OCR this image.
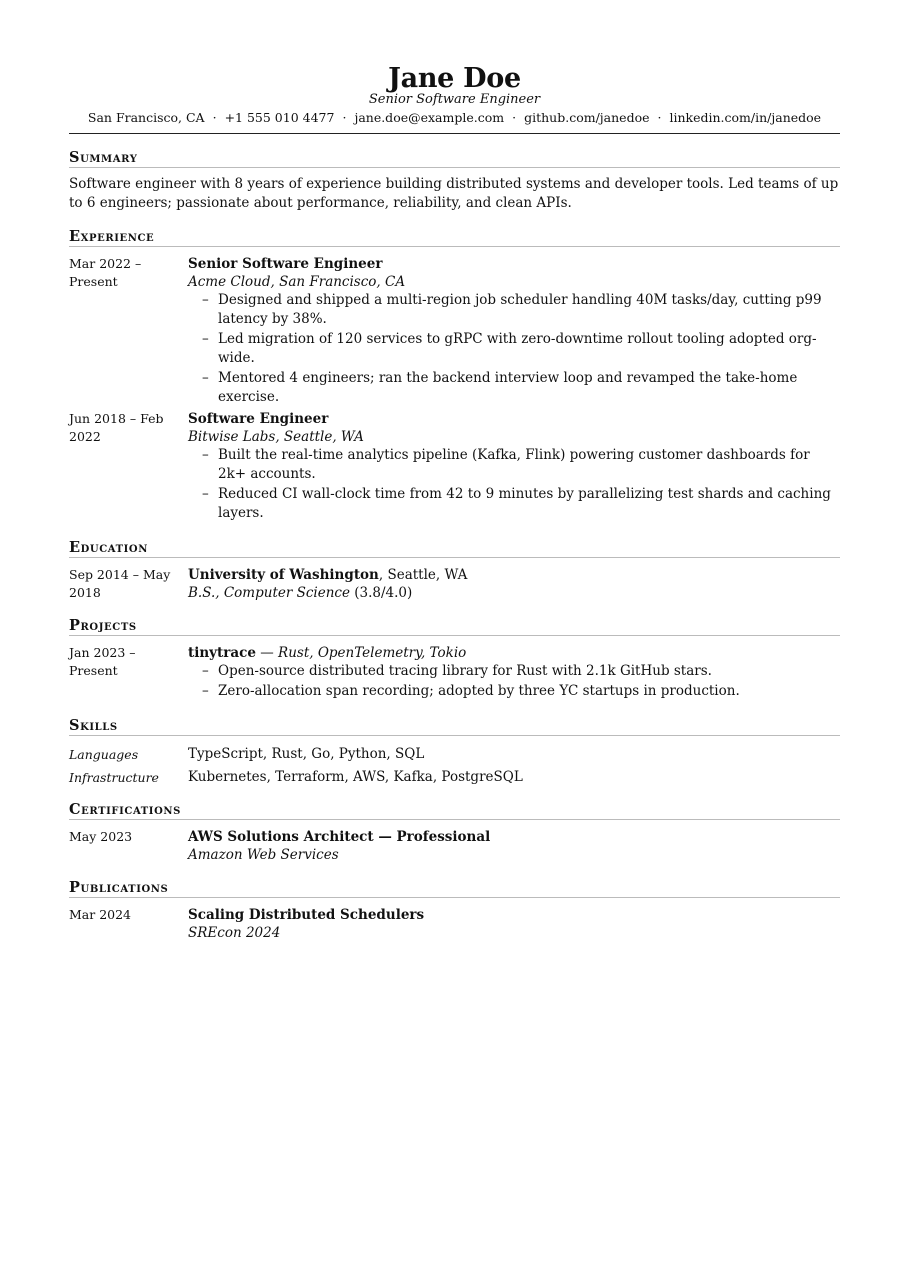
Jane Doe
Senior Software Engineer
San Francisco, CA · +1 555 010 4477 · jane.doe@example.com · github.com/janedoe · linkedin.com/in/janedoe
Summary
Software engineer with 8 years of experience building distributed systems and developer tools. Led teams of up to 6 engineers; passionate about performance, reliability, and clean APIs.
Experience
Mar 2022 – Present
Senior Software Engineer
Acme Cloud, San Francisco, CA
– Designed and shipped a multi-region job scheduler handling 40M tasks/day, cutting p99 latency by 38%.
– Led migration of 120 services to gRPC with zero-downtime rollout tooling adopted org-wide.
– Mentored 4 engineers; ran the backend interview loop and revamped the take-home exercise.
Jun 2018 – Feb 2022
Software Engineer
Bitwise Labs, Seattle, WA
– Built the real-time analytics pipeline (Kafka, Flink) powering customer dashboards for 2k+ accounts.
– Reduced CI wall-clock time from 42 to 9 minutes by parallelizing test shards and caching layers.
Education
Sep 2014 – May 2018
University of Washington, Seattle, WA
B.S., Computer Science (3.8/4.0)
Projects
Jan 2023 – Present
tinytrace — Rust, OpenTelemetry, Tokio
– Open-source distributed tracing library for Rust with 2.1k GitHub stars.
– Zero-allocation span recording; adopted by three YC startups in production.
Skills
Languages	TypeScript, Rust, Go, Python, SQL
Infrastructure	Kubernetes, Terraform, AWS, Kafka, PostgreSQL
Certifications
May 2023	AWS Solutions Architect — Professional
Amazon Web Services
Publications
Mar 2024	Scaling Distributed Schedulers
SREcon 2024
